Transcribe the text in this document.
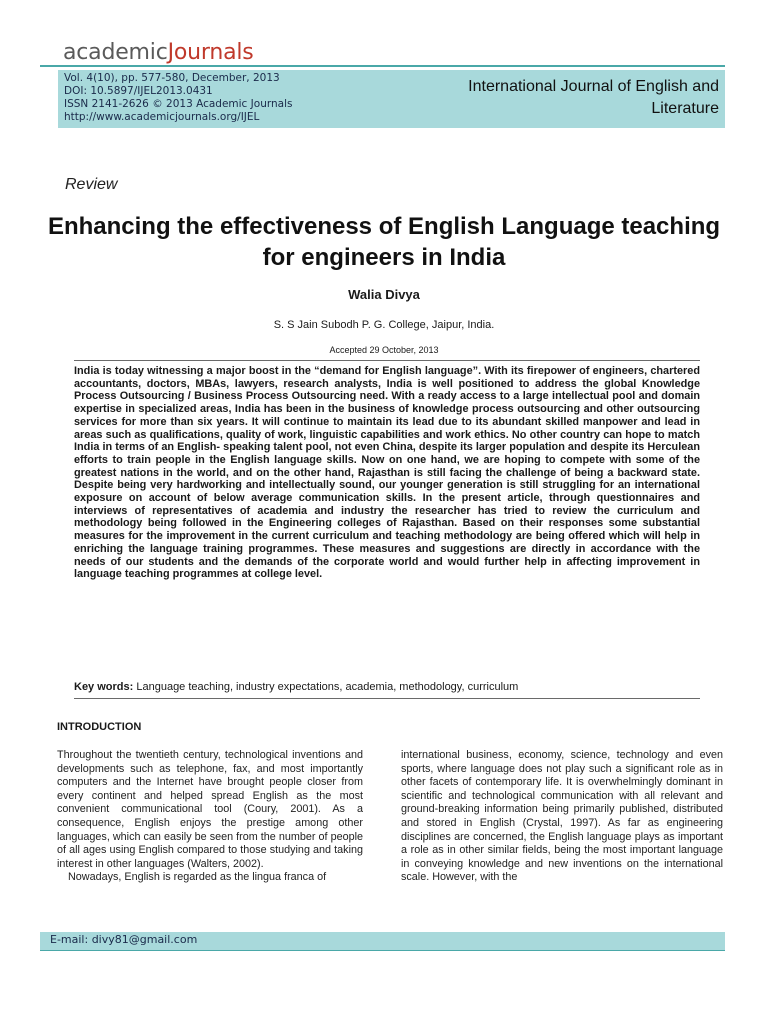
academicJournals
Vol. 4(10), pp. 577-580, December, 2013
DOI: 10.5897/IJEL2013.0431
ISSN 2141-2626 © 2013 Academic Journals
http://www.academicjournals.org/IJEL
International Journal of English and
Literature
Review
Enhancing the effectiveness of English Language teaching for engineers in India
Walia Divya
S. S Jain Subodh P. G. College, Jaipur, India.
Accepted 29 October, 2013
India is today witnessing a major boost in the “demand for English language”. With its firepower of engineers, chartered accountants, doctors, MBAs, lawyers, research analysts, India is well positioned to address the global Knowledge Process Outsourcing / Business Process Outsourcing need. With a ready access to a large intellectual pool and domain expertise in specialized areas, India has been in the business of knowledge process outsourcing and other outsourcing services for more than six years. It will continue to maintain its lead due to its abundant skilled manpower and lead in areas such as qualifications, quality of work, linguistic capabilities and work ethics. No other country can hope to match India in terms of an English- speaking talent pool, not even China, despite its larger population and despite its Herculean efforts to train people in the English language skills. Now on one hand, we are hoping to compete with some of the greatest nations in the world, and on the other hand, Rajasthan is still facing the challenge of being a backward state. Despite being very hardworking and intellectually sound, our younger generation is still struggling for an international exposure on account of below average communication skills. In the present article, through questionnaires and interviews of representatives of academia and industry the researcher has tried to review the curriculum and methodology being followed in the Engineering colleges of Rajasthan. Based on their responses some substantial measures for the improvement in the current curriculum and teaching methodology are being offered which will help in enriching the language training programmes. These measures and suggestions are directly in accordance with the needs of our students and the demands of the corporate world and would further help in affecting improvement in language teaching programmes at college level.
Key words: Language teaching, industry expectations, academia, methodology, curriculum
INTRODUCTION

Throughout the twentieth century, technological inventions and developments such as telephone, fax, and most importantly computers and the Internet have brought people closer from every continent and helped spread English as the most convenient communicational tool (Coury, 2001). As a consequence, English enjoys the prestige among other languages, which can easily be seen from the number of people of all ages using English compared to those studying and taking interest in other languages (Walters, 2002).

Nowadays, English is regarded as the lingua franca of

international business, economy, science, technology and even sports, where language does not play such a significant role as in other facets of contemporary life. It is overwhelmingly dominant in scientific and technological communication with all relevant and ground-breaking information being primarily published, distributed and stored in English (Crystal, 1997). As far as engineering disciplines are concerned, the English language plays as important a role as in other similar fields, being the most important language in conveying knowledge and new inventions on the international scale. However, with the

E-mail: divy81@gmail.com
